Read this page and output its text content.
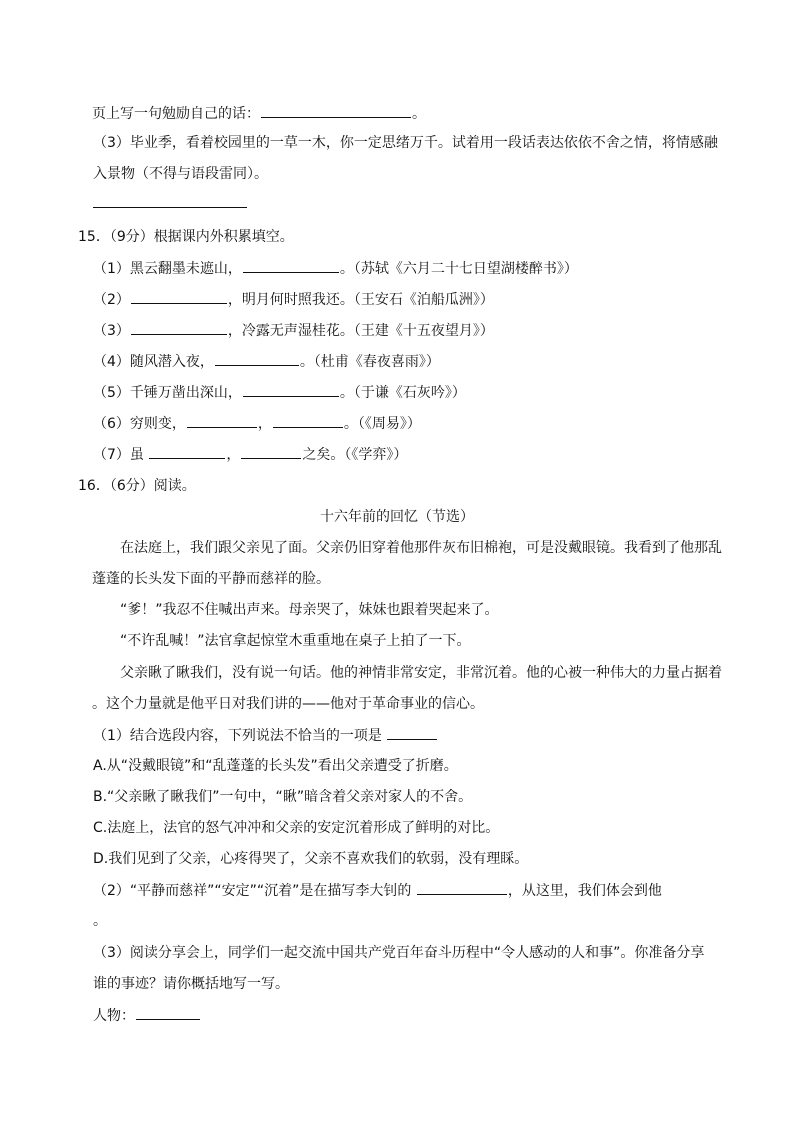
页上写一句勉励自己的话：	。
（3）毕业季，看着校园里的一草一木，你一定思绪万千。试着用一段话表达依依不舍之情，将情感融
入景物（不得与语段雷同）。
15．（9分）根据课内外积累填空。
（1）黑云翻墨未遮山，	。（苏轼《六月二十七日望湖楼醉书》）
（2）	，明月何时照我还。（王安石《泊船瓜洲》）
（3）	，冷露无声湿桂花。（王建《十五夜望月》）
（4）随风潜入夜，	。（杜甫《春夜喜雨》）
（5）千锤万凿出深山，	。（于谦《石灰吟》）
（6）穷则变，	，	。（《周易》）
（7）虽	，	之矣。（《学弈》）
16．（6分）阅读。
十六年前的回忆（节选）
在法庭上，我们跟父亲见了面。父亲仍旧穿着他那件灰布旧棉袍，可是没戴眼镜。我看到了他那乱
蓬蓬的长头发下面的平静而慈祥的脸。
“爹！”我忍不住喊出声来。母亲哭了，妹妹也跟着哭起来了。
“不许乱喊！”法官拿起惊堂木重重地在桌子上拍了一下。
父亲瞅了瞅我们，没有说一句话。他的神情非常安定，非常沉着。他的心被一种伟大的力量占据着
。这个力量就是他平日对我们讲的——他对于革命事业的信心。
（1）结合选段内容，下列说法不恰当的一项是
A.从“没戴眼镜”和“乱蓬蓬的长头发”看出父亲遭受了折磨。
B.“父亲瞅了瞅我们”一句中，“瞅”暗含着父亲对家人的不舍。
C.法庭上，法官的怒气冲冲和父亲的安定沉着形成了鲜明的对比。
D.我们见到了父亲，心疼得哭了，父亲不喜欢我们的软弱，没有理睬。
（2）“平静而慈祥”“安定”“沉着”是在描写李大钊的	，从这里，我们体会到他
。
（3）阅读分享会上，同学们一起交流中国共产党百年奋斗历程中“令人感动的人和事”。你准备分享
谁的事迹？请你概括地写一写。
人物：
